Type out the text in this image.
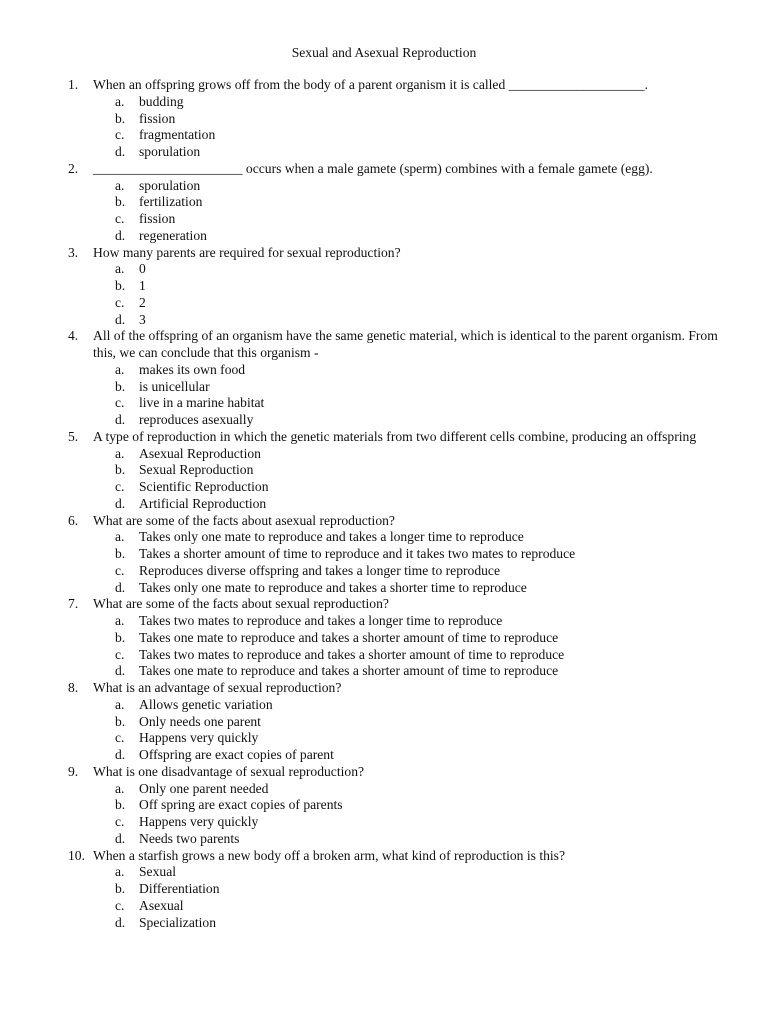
Sexual and Asexual Reproduction
1.	When an offspring grows off from the body of a parent organism it is called ____________________.
a. budding
b. fission
c. fragmentation
d. sporulation
2.	______________________ occurs when a male gamete (sperm) combines with a female gamete (egg).
a. sporulation
b. fertilization
c. fission
d. regeneration
3.	How many parents are required for sexual reproduction?
a. 0
b. 1
c. 2
d. 3
4.	All of the offspring of an organism have the same genetic material, which is identical to the parent organism. From this, we can conclude that this organism -
a. makes its own food
b. is unicellular
c. live in a marine habitat
d. reproduces asexually
5.	A type of reproduction in which the genetic materials from two different cells combine, producing an offspring
a. Asexual Reproduction
b. Sexual Reproduction
c. Scientific Reproduction
d. Artificial Reproduction
6.	What are some of the facts about asexual reproduction?
a. Takes only one mate to reproduce and takes a longer time to reproduce
b. Takes a shorter amount of time to reproduce and it takes two mates to reproduce
c. Reproduces diverse offspring and takes a longer time to reproduce
d. Takes only one mate to reproduce and takes a shorter time to reproduce
7.	What are some of the facts about sexual reproduction?
a. Takes two mates to reproduce and takes a longer time to reproduce
b. Takes one mate to reproduce and takes a shorter amount of time to reproduce
c. Takes two mates to reproduce and takes a shorter amount of time to reproduce
d. Takes one mate to reproduce and takes a shorter amount of time to reproduce
8.	What is an advantage of sexual reproduction?
a. Allows genetic variation
b. Only needs one parent
c. Happens very quickly
d. Offspring are exact copies of parent
9.	What is one disadvantage of sexual reproduction?
a. Only one parent needed
b. Off spring are exact copies of parents
c. Happens very quickly
d. Needs two parents
10. When a starfish grows a new body off a broken arm, what kind of reproduction is this?
a. Sexual
b. Differentiation
c. Asexual
d. Specialization
